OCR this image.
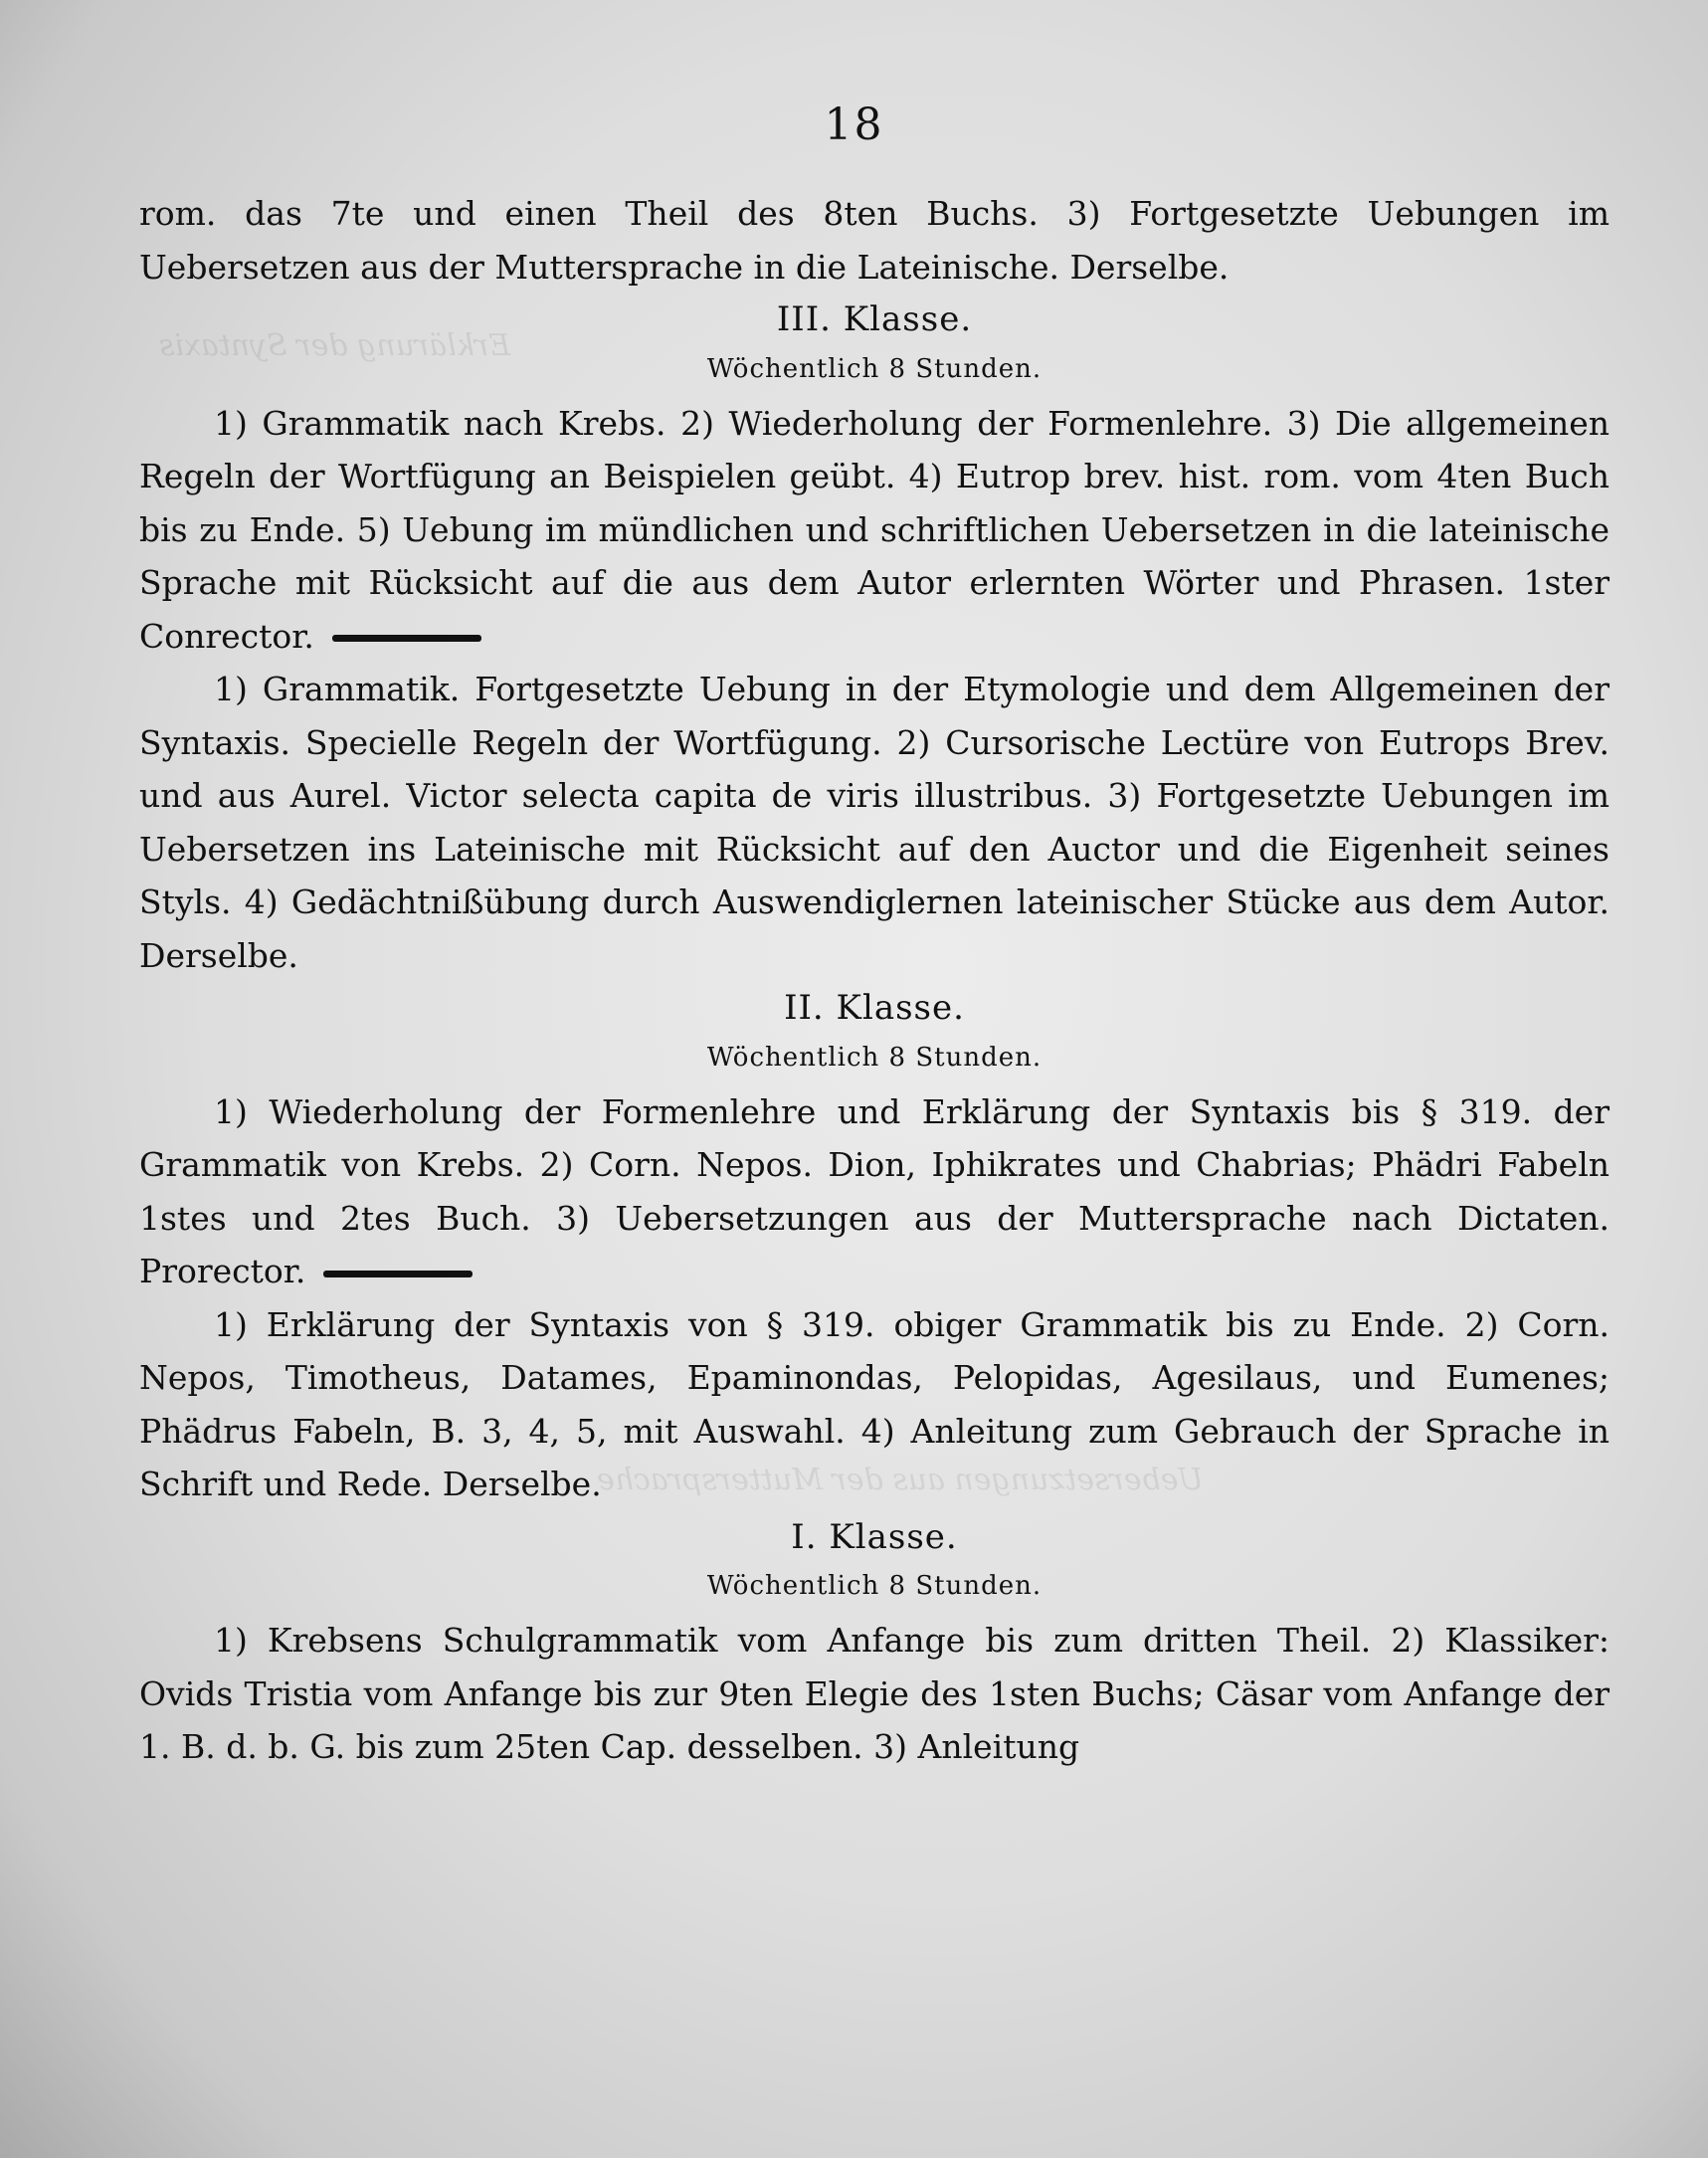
Erklärung der Syntaxis
Uebersetzungen aus der Muttersprache
18

rom. das 7te und einen Theil des 8ten Buchs. 3) Fortgesetzte Uebungen im Uebersetzen aus der Muttersprache in die Lateinische. Derselbe.

III. Klasse.

Wöchentlich 8 Stunden.

1) Grammatik nach Krebs. 2) Wiederholung der Formenlehre. 3) Die allgemeinen Regeln der Wortfügung an Beispielen geübt. 4) Eutrop brev. hist. rom. vom 4ten Buch bis zu Ende. 5) Uebung im mündlichen und schriftlichen Uebersetzen in die lateinische Sprache mit Rücksicht auf die aus dem Autor erlernten Wörter und Phrasen. 1ster Conrector.

1) Grammatik. Fortgesetzte Uebung in der Etymologie und dem Allgemeinen der Syntaxis. Specielle Regeln der Wortfügung. 2) Cursorische Lectüre von Eutrops Brev. und aus Aurel. Victor selecta capita de viris illustribus. 3) Fortgesetzte Uebungen im Uebersetzen ins Lateinische mit Rücksicht auf den Auctor und die Eigenheit seines Styls. 4) Gedächtnißübung durch Auswendiglernen lateinischer Stücke aus dem Autor. Derselbe.

II. Klasse.

Wöchentlich 8 Stunden.

1) Wiederholung der Formenlehre und Erklärung der Syntaxis bis § 319. der Grammatik von Krebs. 2) Corn. Nepos. Dion, Iphikrates und Chabrias; Phädri Fabeln 1stes und 2tes Buch. 3) Uebersetzungen aus der Muttersprache nach Dictaten. Prorector.

1) Erklärung der Syntaxis von § 319. obiger Grammatik bis zu Ende. 2) Corn. Nepos, Timotheus, Datames, Epaminondas, Pelopidas, Agesilaus, und Eumenes; Phädrus Fabeln, B. 3, 4, 5, mit Auswahl. 4) Anleitung zum Gebrauch der Sprache in Schrift und Rede. Derselbe.

I. Klasse.

Wöchentlich 8 Stunden.

1) Krebsens Schulgrammatik vom Anfange bis zum dritten Theil. 2) Klassiker: Ovids Tristia vom Anfange bis zur 9ten Elegie des 1sten Buchs; Cäsar vom Anfange der 1. B. d. b. G. bis zum 25ten Cap. desselben. 3) Anleitung
